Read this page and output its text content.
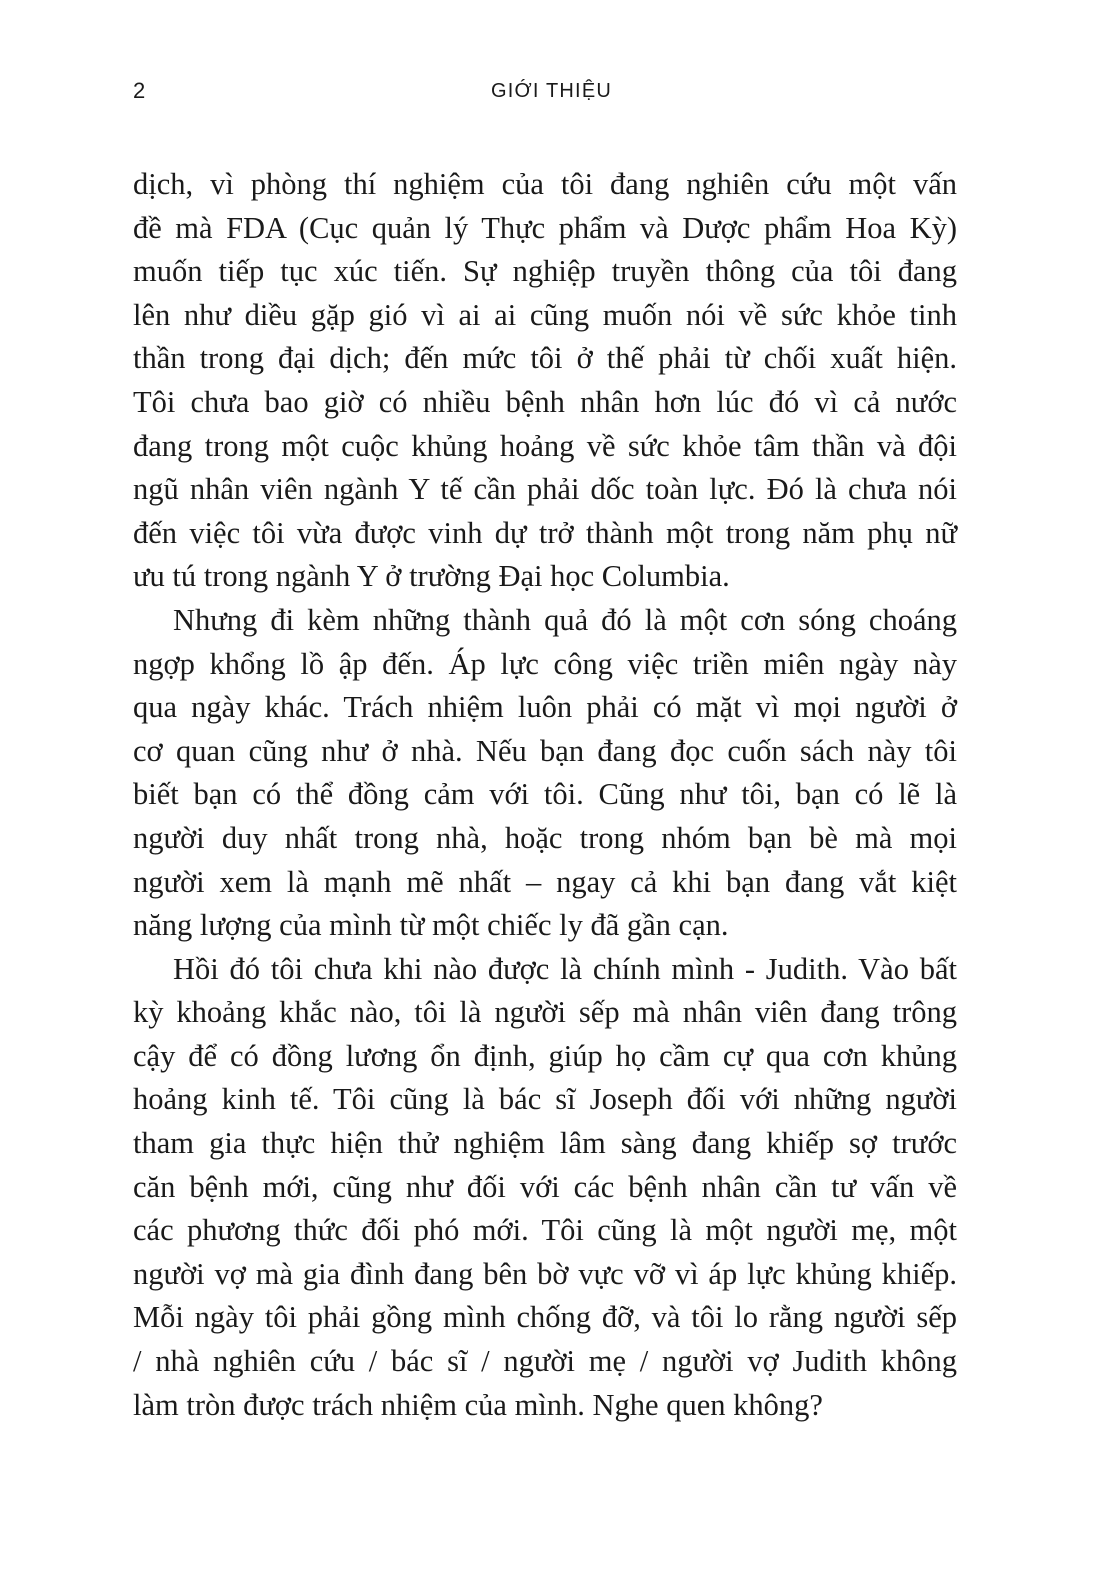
2	GIỚI THIỆU
dịch, vì phòng thí nghiệm của tôi đang nghiên cứu một vấn
đề mà FDA (Cục quản lý Thực phẩm và Dược phẩm Hoa Kỳ)
muốn tiếp tục xúc tiến. Sự nghiệp truyền thông của tôi đang
lên như diều gặp gió vì ai ai cũng muốn nói về sức khỏe tinh
thần trong đại dịch; đến mức tôi ở thế phải từ chối xuất hiện.
Tôi chưa bao giờ có nhiều bệnh nhân hơn lúc đó vì cả nước
đang trong một cuộc khủng hoảng về sức khỏe tâm thần và đội
ngũ nhân viên ngành Y tế cần phải dốc toàn lực. Đó là chưa nói
đến việc tôi vừa được vinh dự trở thành một trong năm phụ nữ
ưu tú trong ngành Y ở trường Đại học Columbia.
Nhưng đi kèm những thành quả đó là một cơn sóng choáng
ngợp khổng lồ ập đến. Áp lực công việc triền miên ngày này
qua ngày khác. Trách nhiệm luôn phải có mặt vì mọi người ở
cơ quan cũng như ở nhà. Nếu bạn đang đọc cuốn sách này tôi
biết bạn có thể đồng cảm với tôi. Cũng như tôi, bạn có lẽ là
người duy nhất trong nhà, hoặc trong nhóm bạn bè mà mọi
người xem là mạnh mẽ nhất – ngay cả khi bạn đang vắt kiệt
năng lượng của mình từ một chiếc ly đã gần cạn.
Hồi đó tôi chưa khi nào được là chính mình - Judith. Vào bất
kỳ khoảng khắc nào, tôi là người sếp mà nhân viên đang trông
cậy để có đồng lương ổn định, giúp họ cầm cự qua cơn khủng
hoảng kinh tế. Tôi cũng là bác sĩ Joseph đối với những người
tham gia thực hiện thử nghiệm lâm sàng đang khiếp sợ trước
căn bệnh mới, cũng như đối với các bệnh nhân cần tư vấn về
các phương thức đối phó mới. Tôi cũng là một người mẹ, một
người vợ mà gia đình đang bên bờ vực vỡ vì áp lực khủng khiếp.
Mỗi ngày tôi phải gồng mình chống đỡ, và tôi lo rằng người sếp
/ nhà nghiên cứu / bác sĩ / người mẹ / người vợ Judith không
làm tròn được trách nhiệm của mình. Nghe quen không?
